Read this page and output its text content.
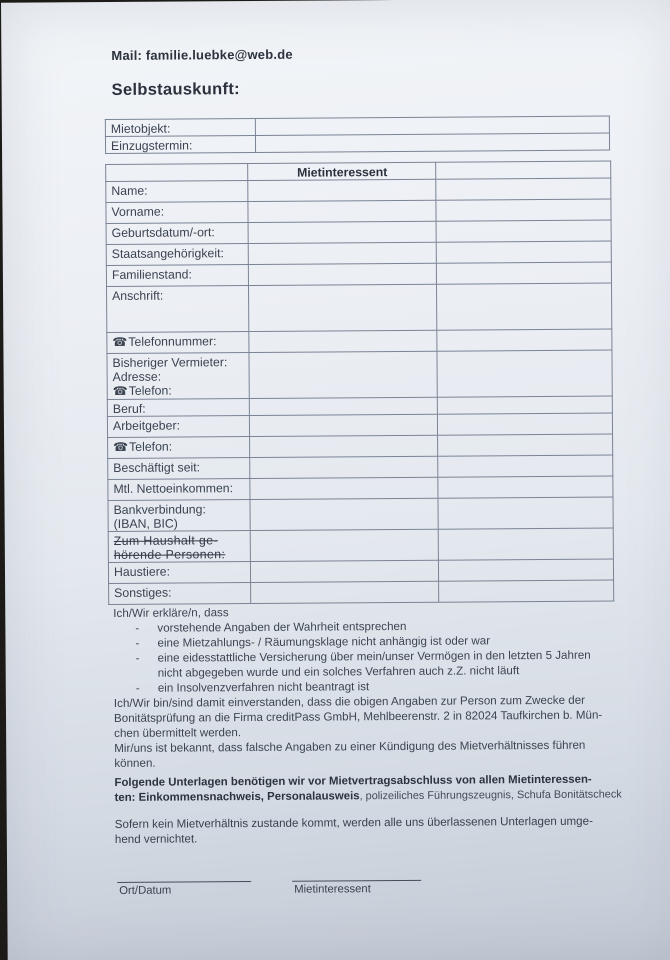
Mail: familie.luebke@web.de
Selbstauskunft:
Mietobjekt:	
Einzugstermin:	
	Mietinteressent	
Name:		
Vorname:		
Geburtsdatum/-ort:		
Staatsangehörigkeit:		
Familienstand:		
Anschrift:		
☎Telefonnummer:		

Bisheriger Vermieter:
Adresse:
☎Telefon:		

Beruf:		
Arbeitgeber:		
☎Telefon:		
Beschäftigt seit:		
Mtl. Nettoeinkommen:		

Bankverbindung:
(IBAN, BIC)		

Zum Haushalt ge-
hörende Personen:		

Haustiere:		
Sonstiges:		
Ich/Wir erkläre/n, dass
-	vorstehende Angaben der Wahrheit entsprechen
-	eine Mietzahlungs- / Räumungsklage nicht anhängig ist oder war
-	eine eidesstattliche Versicherung über mein/unser Vermögen in den letzten 5 Jahren
nicht abgegeben wurde und ein solches Verfahren auch z.Z. nicht läuft
-	ein Insolvenzverfahren nicht beantragt ist
Ich/Wir bin/sind damit einverstanden, dass die obigen Angaben zur Person zum Zwecke der
Bonitätsprüfung an die Firma creditPass GmbH, Mehlbeerenstr. 2 in 82024 Taufkirchen b. Mün-
chen übermittelt werden.
Mir/uns ist bekannt, dass falsche Angaben zu einer Kündigung des Mietverhältnisses führen
können.
Folgende Unterlagen benötigen wir vor Mietvertragsabschluss von allen Mietinteressen-
ten: Einkommensnachweis, Personalausweis, polizeiliches Führungszeugnis, Schufa Bonitätscheck
Sofern kein Mietverhältnis zustande kommt, werden alle uns überlassenen Unterlagen umge-
hend vernichtet.
Ort/Datum	Mietinteressent
